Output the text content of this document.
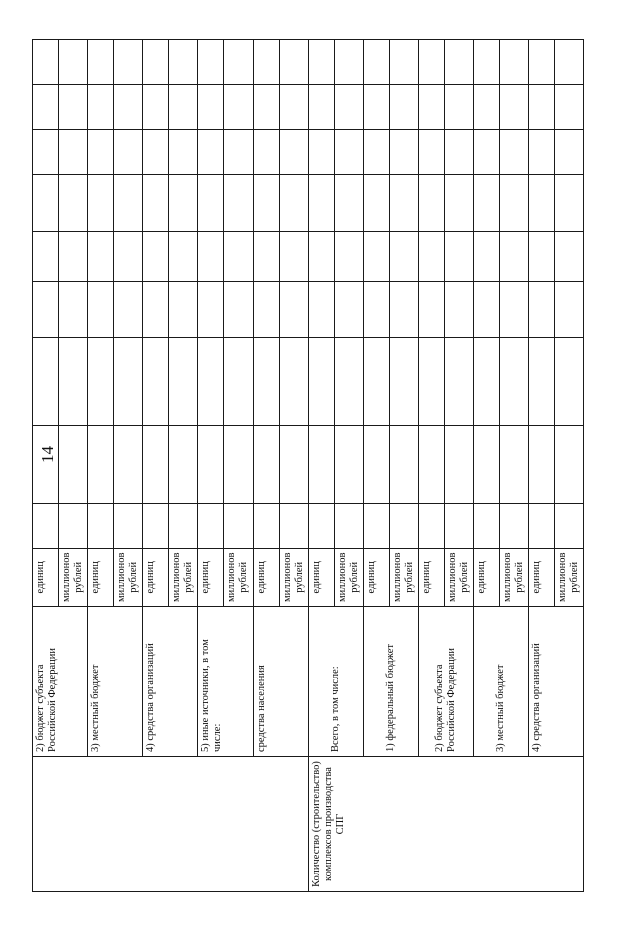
14
	2) бюджет субъекта Российской Федерации	единиц									
		миллионов рублей									
	3) местный бюджет	единиц									
		миллионов рублей									
	4) средства организаций	единиц									
		миллионов рублей									
	5) иные источники, в том числе:	единиц									
		миллионов рублей									
	средства населения	единиц									
		миллионов рублей									
Количество (строительство) комплексов производства СПГ	Всего, в том числе:	единиц									
		миллионов рублей									
	1) федеральный бюджет	единиц									
		миллионов рублей									
	2) бюджет субъекта Российской Федерации	единиц									
		миллионов рублей									
	3) местный бюджет	единиц									
		миллионов рублей									
	4) средства организаций	единиц									
		миллионов рублей									
